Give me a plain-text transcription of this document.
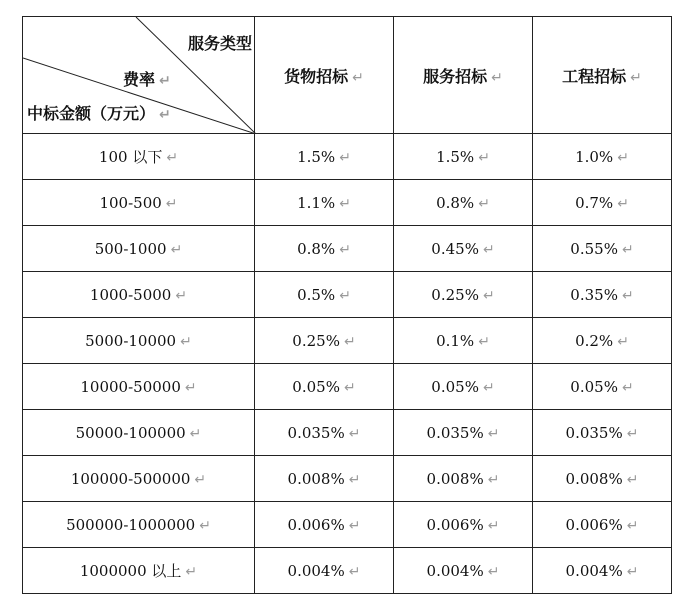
服务类型
费率 ↵
中标金额（万元） ↵	货物招标 ↵	服务招标 ↵	工程招标 ↵
100 以下 ↵	1.5% ↵	1.5% ↵	1.0% ↵
100-500 ↵	1.1% ↵	0.8% ↵	0.7% ↵
500-1000 ↵	0.8% ↵	0.45% ↵	0.55% ↵
1000-5000 ↵	0.5% ↵	0.25% ↵	0.35% ↵
5000-10000 ↵	0.25% ↵	0.1% ↵	0.2% ↵
10000-50000 ↵	0.05% ↵	0.05% ↵	0.05% ↵
50000-100000 ↵	0.035% ↵	0.035% ↵	0.035% ↵
100000-500000 ↵	0.008% ↵	0.008% ↵	0.008% ↵
500000-1000000 ↵	0.006% ↵	0.006% ↵	0.006% ↵
1000000 以上 ↵	0.004% ↵	0.004% ↵	0.004% ↵
